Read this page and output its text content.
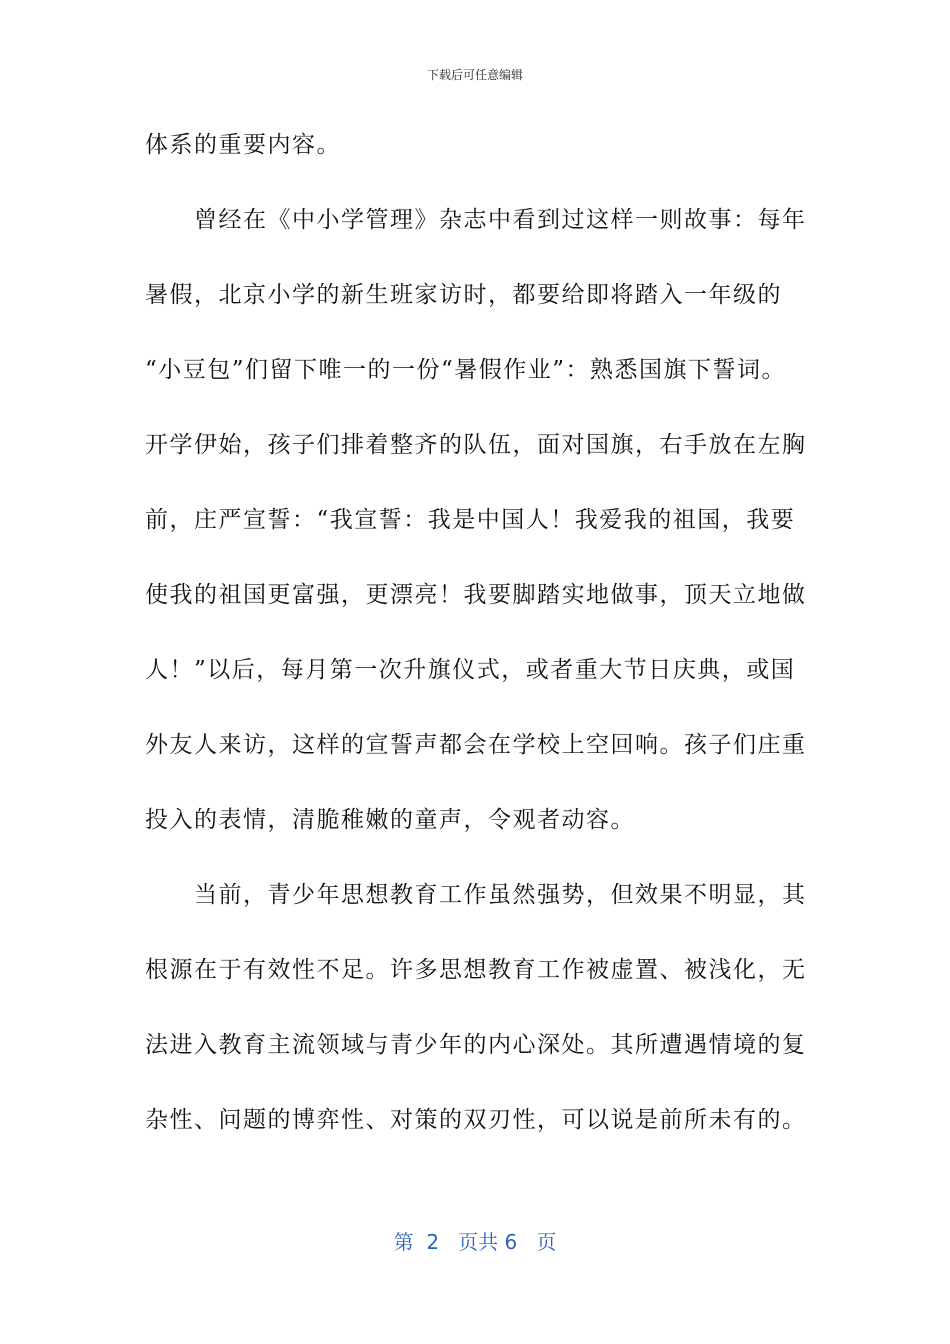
下载后可任意编辑
体系的重要内容。
　　曾经在《中小学管理》杂志中看到过这样一则故事：每年
暑假，北京小学的新生班家访时，都要给即将踏入一年级的
“小豆包”们留下唯一的一份“暑假作业”：熟悉国旗下誓词。
开学伊始，孩子们排着整齐的队伍，面对国旗，右手放在左胸
前，庄严宣誓：“我宣誓：我是中国人！我爱我的祖国，我要
使我的祖国更富强，更漂亮！我要脚踏实地做事，顶天立地做
人！”以后，每月第一次升旗仪式，或者重大节日庆典，或国
外友人来访，这样的宣誓声都会在学校上空回响。孩子们庄重
投入的表情，清脆稚嫩的童声，令观者动容。
　　当前，青少年思想教育工作虽然强势，但效果不明显，其
根源在于有效性不足。许多思想教育工作被虚置、被浅化，无
法进入教育主流领域与青少年的内心深处。其所遭遇情境的复
杂性、问题的博弈性、对策的双刃性，可以说是前所未有的。
第  2   页共 6   页
